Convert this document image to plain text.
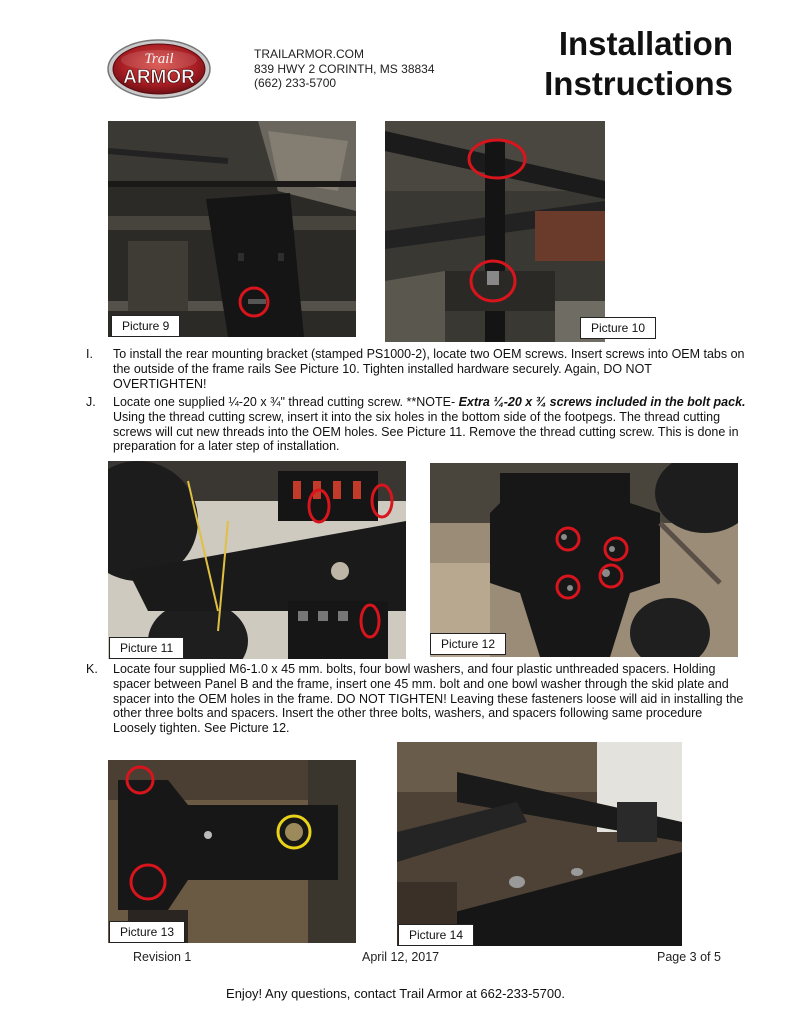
Trail
ARMOR
TRAILARMOR.COM
839 HWY 2 CORINTH, MS 38834
(662) 233-5700
Installation
Instructions
Picture 9	Picture 10
I. To install the rear mounting bracket (stamped PS1000-2), locate two OEM screws. Insert screws into OEM tabs on the outside of the frame rails See Picture 10. Tighten installed hardware securely. Again, DO NOT OVERTIGHTEN!
J. Locate one supplied ¼-20 x ¾" thread cutting screw. **NOTE- Extra ¼-20 x ¾ screws included in the bolt pack. Using the thread cutting screw, insert it into the six holes in the bottom side of the footpegs. The thread cutting screws will cut new threads into the OEM holes. See Picture 11. Remove the thread cutting screw. This is done in preparation for a later step of installation.
Picture 11	Picture 12
K. Locate four supplied M6-1.0 x 45 mm. bolts, four bowl washers, and four plastic unthreaded spacers. Holding spacer between Panel B and the frame, insert one 45 mm. bolt and one bowl washer through the skid plate and spacer into the OEM holes in the frame. DO NOT TIGHTEN! Leaving these fasteners loose will aid in installing the other three bolts and spacers. Insert the other three bolts, washers, and spacers following same procedure Loosely tighten. See Picture 12.
Picture 13	Picture 14
Revision 1	April 12, 2017	Page 3 of 5
Enjoy! Any questions, contact Trail Armor at 662-233-5700.
